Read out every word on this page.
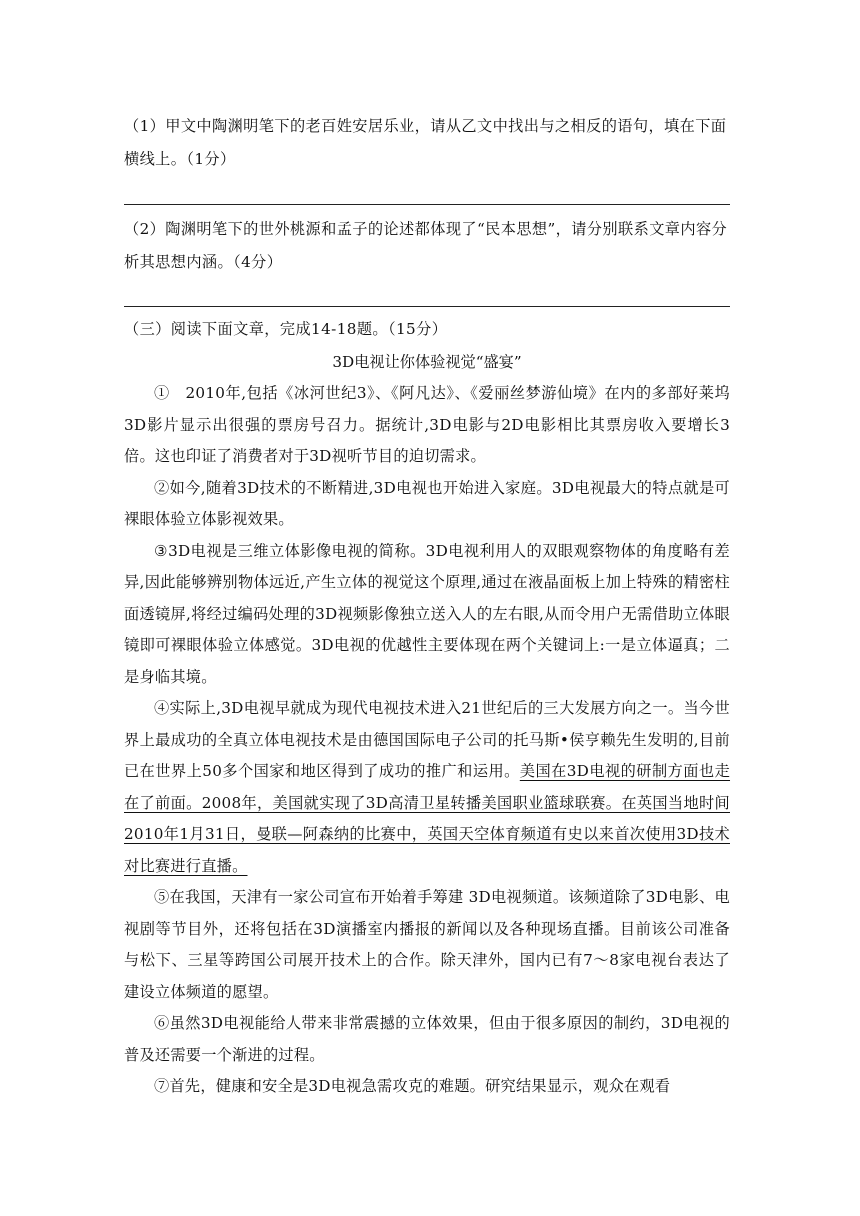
（1）甲文中陶渊明笔下的老百姓安居乐业，请从乙文中找出与之相反的语句，填在下面横线上。（1分）

（2）陶渊明笔下的世外桃源和孟子的论述都体现了“民本思想”，请分别联系文章内容分析其思想内涵。（4分）

（三）阅读下面文章，完成14-18题。（15分）

3D电视让你体验视觉“盛宴”

①　2010年,包括《冰河世纪3》、《阿凡达》、《爱丽丝梦游仙境》在内的多部好莱坞3D影片显示出很强的票房号召力。据统计,3D电影与2D电影相比其票房收入要增长3倍。这也印证了消费者对于3D视听节目的迫切需求。

②如今,随着3D技术的不断精进,3D电视也开始进入家庭。3D电视最大的特点就是可裸眼体验立体影视效果。

③3D电视是三维立体影像电视的简称。3D电视利用人的双眼观察物体的角度略有差异,因此能够辨别物体远近,产生立体的视觉这个原理,通过在液晶面板上加上特殊的精密柱面透镜屏,将经过编码处理的3D视频影像独立送入人的左右眼,从而令用户无需借助立体眼镜即可裸眼体验立体感觉。3D电视的优越性主要体现在两个关键词上:一是立体逼真；二是身临其境。

④实际上,3D电视早就成为现代电视技术进入21世纪后的三大发展方向之一。当今世界上最成功的全真立体电视技术是由德国国际电子公司的托马斯•侯亨赖先生发明的,目前已在世界上50多个国家和地区得到了成功的推广和运用。美国在3D电视的研制方面也走在了前面。2008年，美国就实现了3D高清卫星转播美国职业篮球联赛。在英国当地时间2010年1月31日，曼联—阿森纳的比赛中，英国天空体育频道有史以来首次使用3D技术对比赛进行直播。

⑤在我国，天津有一家公司宣布开始着手筹建 3D电视频道。该频道除了3D电影、电视剧等节目外，还将包括在3D演播室内播报的新闻以及各种现场直播。目前该公司准备与松下、三星等跨国公司展开技术上的合作。除天津外，国内已有7～8家电视台表达了建设立体频道的愿望。

⑥虽然3D电视能给人带来非常震撼的立体效果，但由于很多原因的制约，3D电视的普及还需要一个渐进的过程。

⑦首先，健康和安全是3D电视急需攻克的难题。研究结果显示，观众在观看
